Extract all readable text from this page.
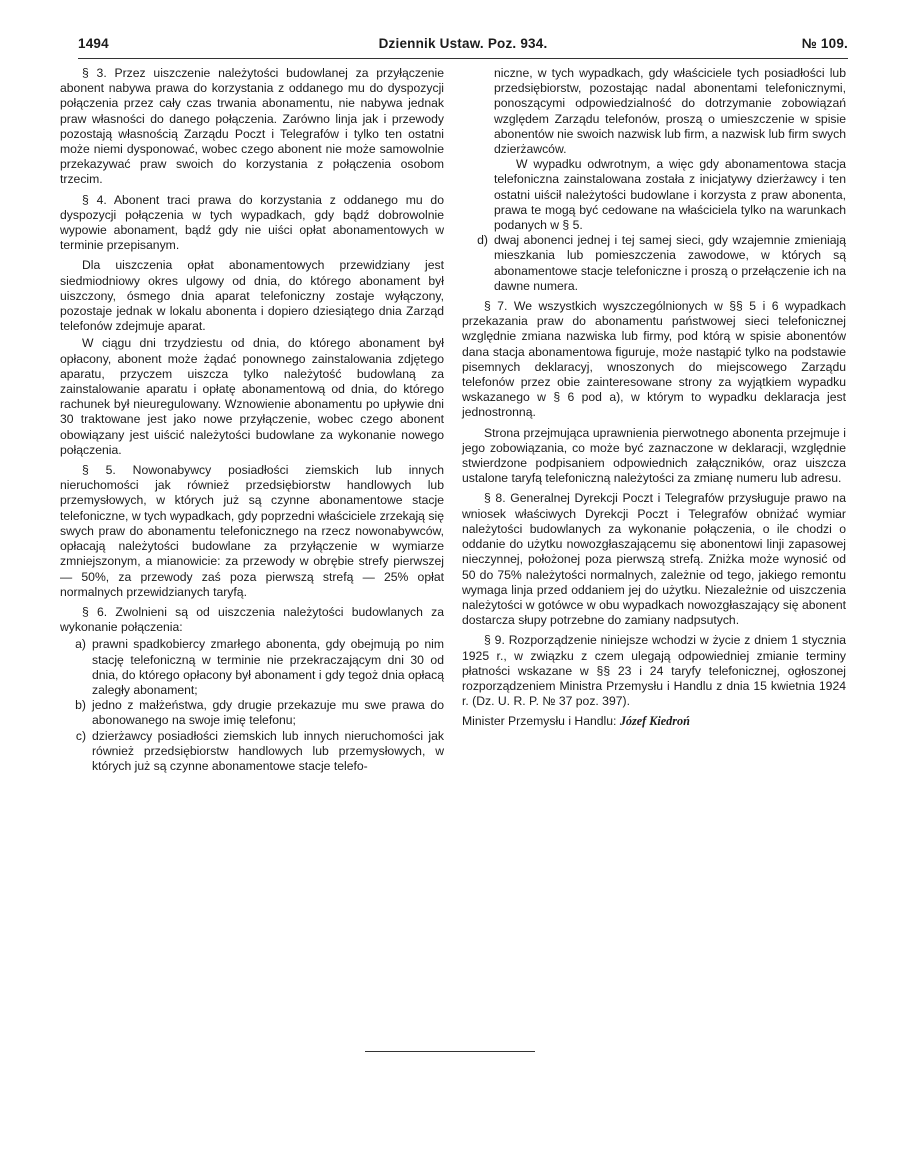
1494	Dziennik Ustaw. Poz. 934.	№ 109.

§ 3. Przez uiszczenie należytości budowlanej za przyłączenie abonent nabywa prawa do korzystania z oddanego mu do dyspozycji połączenia przez cały czas trwania abonamentu, nie nabywa jednak praw własności do danego połączenia. Zarówno linja jak i przewody pozostają własnością Zarządu Poczt i Telegrafów i tylko ten ostatni może niemi dysponować, wobec czego abonent nie może samowolnie przekazywać praw swoich do korzystania z połączenia osobom trzecim.

§ 4. Abonent traci prawa do korzystania z oddanego mu do dyspozycji połączenia w tych wypadkach, gdy bądź dobrowolnie wypowie abonament, bądź gdy nie uiści opłat abonamentowych w terminie przepisanym.

Dla uiszczenia opłat abonamentowych przewidziany jest siedmiodniowy okres ulgowy od dnia, do którego abonament był uiszczony, ósmego dnia aparat telefoniczny zostaje wyłączony, pozostaje jednak w lokalu abonenta i dopiero dziesiątego dnia Zarząd telefonów zdejmuje aparat.

W ciągu dni trzydziestu od dnia, do którego abonament był opłacony, abonent może żądać ponownego zainstalowania zdjętego aparatu, przyczem uiszcza tylko należytość budowlaną za zainstalowanie aparatu i opłatę abonamentową od dnia, do którego rachunek był nieuregulowany. Wznowienie abonamentu po upływie dni 30 traktowane jest jako nowe przyłączenie, wobec czego abonent obowiązany jest uiścić należytości budowlane za wykonanie nowego połączenia.

§ 5. Nowonabywcy posiadłości ziemskich lub innych nieruchomości jak również przedsiębiorstw handlowych lub przemysłowych, w których już są czynne abonamentowe stacje telefoniczne, w tych wypadkach, gdy poprzedni właściciele zrzekają się swych praw do abonamentu telefonicznego na rzecz nowonabywców, opłacają należytości budowlane za przyłączenie w wymiarze zmniejszonym, a mianowicie: za przewody w obrębie strefy pierwszej — 50%, za przewody zaś poza pierwszą strefą — 25% opłat normalnych przewidzianych taryfą.

§ 6. Zwolnieni są od uiszczenia należytości budowlanych za wykonanie połączenia:

a) prawni spadkobiercy zmarłego abonenta, gdy obejmują po nim stację telefoniczną w terminie nie przekraczającym dni 30 od dnia, do którego opłacony był abonament i gdy tegoż dnia opłacą zaległy abonament;
b) jedno z małżeństwa, gdy drugie przekazuje mu swe prawa do abonowanego na swoje imię telefonu;
c) dzierżawcy posiadłości ziemskich lub innych nieruchomości jak również przedsiębiorstw handlowych lub przemysłowych, w których już są czynne abonamentowe stacje telefo-
niczne, w tych wypadkach, gdy właściciele tych posiadłości lub przedsiębiorstw, pozostając nadal abonentami telefonicznymi, ponoszącymi odpowiedzialność do dotrzymanie zobowiązań względem Zarządu telefonów, proszą o umieszczenie w spisie abonentów nie swoich nazwisk lub firm, a nazwisk lub firm swych dzierżawców.
W wypadku odwrotnym, a więc gdy abonamentowa stacja telefoniczna zainstalowana została z inicjatywy dzierżawcy i ten ostatni uiścił należytości budowlane i korzysta z praw abonenta, prawa te mogą być cedowane na właściciela tylko na warunkach podanych w § 5.
d) dwaj abonenci jednej i tej samej sieci, gdy wzajemnie zmieniają mieszkania lub pomieszczenia zawodowe, w których są abonamentowe stacje telefoniczne i proszą o przełączenie ich na dawne numera.

§ 7. We wszystkich wyszczególnionych w §§ 5 i 6 wypadkach przekazania praw do abonamentu państwowej sieci telefonicznej względnie zmiana nazwiska lub firmy, pod którą w spisie abonentów dana stacja abonamentowa figuruje, może nastąpić tylko na podstawie pisemnych deklaracyj, wnoszonych do miejscowego Zarządu telefonów przez obie zainteresowane strony za wyjątkiem wypadku wskazanego w § 6 pod a), w którym to wypadku deklaracja jest jednostronną.

Strona przejmująca uprawnienia pierwotnego abonenta przejmuje i jego zobowiązania, co może być zaznaczone w deklaracji, względnie stwierdzone podpisaniem odpowiednich załączników, oraz uiszcza ustalone taryfą telefoniczną należytości za zmianę numeru lub adresu.

§ 8. Generalnej Dyrekcji Poczt i Telegrafów przysługuje prawo na wniosek właściwych Dyrekcji Poczt i Telegrafów obniżać wymiar należytości budowlanych za wykonanie połączenia, o ile chodzi o oddanie do użytku nowozgłaszającemu się abonentowi linji zapasowej nieczynnej, położonej poza pierwszą strefą. Zniżka może wynosić od 50 do 75% należytości normalnych, zależnie od tego, jakiego remontu wymaga linja przed oddaniem jej do użytku. Niezależnie od uiszczenia należytości w gotówce w obu wypadkach nowozgłaszający się abonent dostarcza słupy potrzebne do zamiany nadpsutych.

§ 9. Rozporządzenie niniejsze wchodzi w życie z dniem 1 stycznia 1925 r., w związku z czem ulegają odpowiedniej zmianie terminy płatności wskazane w §§ 23 i 24 taryfy telefonicznej, ogłoszonej rozporządzeniem Ministra Przemysłu i Handlu z dnia 15 kwietnia 1924 r. (Dz. U. R. P. № 37 poz. 397).

Minister Przemysłu i Handlu: Józef Kiedroń
